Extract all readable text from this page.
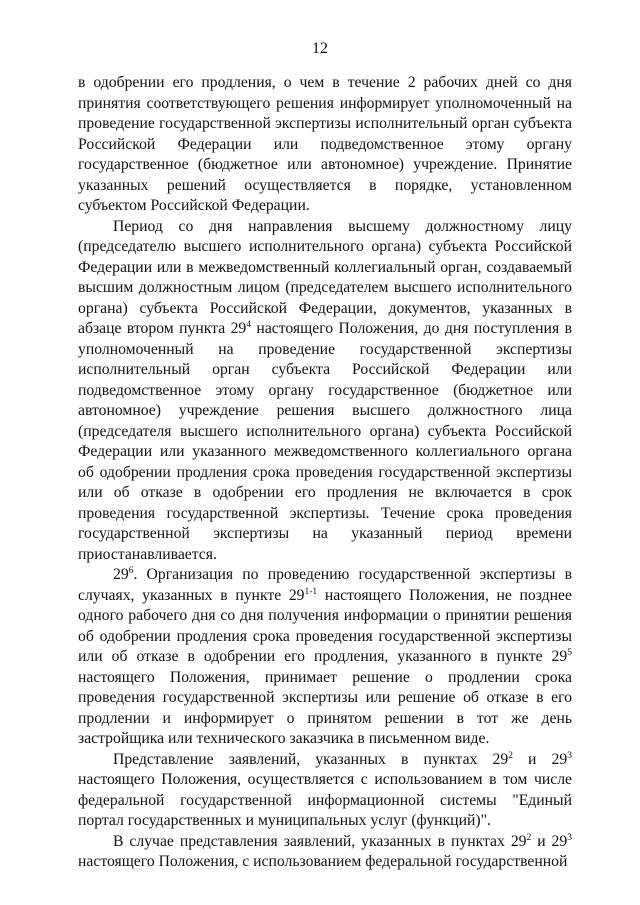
12

в одобрении его продления, о чем в течение 2 рабочих дней со дня принятия соответствующего решения информирует уполномоченный на проведение государственной экспертизы исполнительный орган субъекта Российской Федерации или подведомственное этому органу государственное (бюджетное или автономное) учреждение. Принятие указанных решений осуществляется в порядке, установленном субъектом Российской Федерации.

Период со дня направления высшему должностному лицу (председателю высшего исполнительного органа) субъекта Российской Федерации или в межведомственный коллегиальный орган, создаваемый высшим должностным лицом (председателем высшего исполнительного органа) субъекта Российской Федерации, документов, указанных в абзаце втором пункта $29^4$ настоящего Положения, до дня поступления в уполномоченный на проведение государственной экспертизы исполнительный орган субъекта Российской Федерации или подведомственное этому органу государственное (бюджетное или автономное) учреждение решения высшего должностного лица (председателя высшего исполнительного органа) субъекта Российской Федерации или указанного межведомственного коллегиального органа об одобрении продления срока проведения государственной экспертизы или об отказе в одобрении его продления не включается в срок проведения государственной экспертизы. Течение срока проведения государственной экспертизы на указанный период времени приостанавливается.

$29^6$. Организация по проведению государственной экспертизы в случаях, указанных в пункте 29$^{1-1}$ настоящего Положения, не позднее одного рабочего дня со дня получения информации о принятии решения об одобрении продления срока проведения государственной экспертизы или об отказе в одобрении его продления, указанного в пункте $29^5$ настоящего Положения, принимает решение о продлении срока проведения государственной экспертизы или решение об отказе в его продлении и информирует о принятом решении в тот же день застройщика или технического заказчика в письменном виде.

Представление заявлений, указанных в пунктах $29^2$ и $29^3$ настоящего Положения, осуществляется с использованием в том числе федеральной государственной информационной системы "Единый портал государственных и муниципальных услуг (функций)".

В случае представления заявлений, указанных в пунктах $29^2$ и $29^3$ настоящего Положения, с использованием федеральной государственной
